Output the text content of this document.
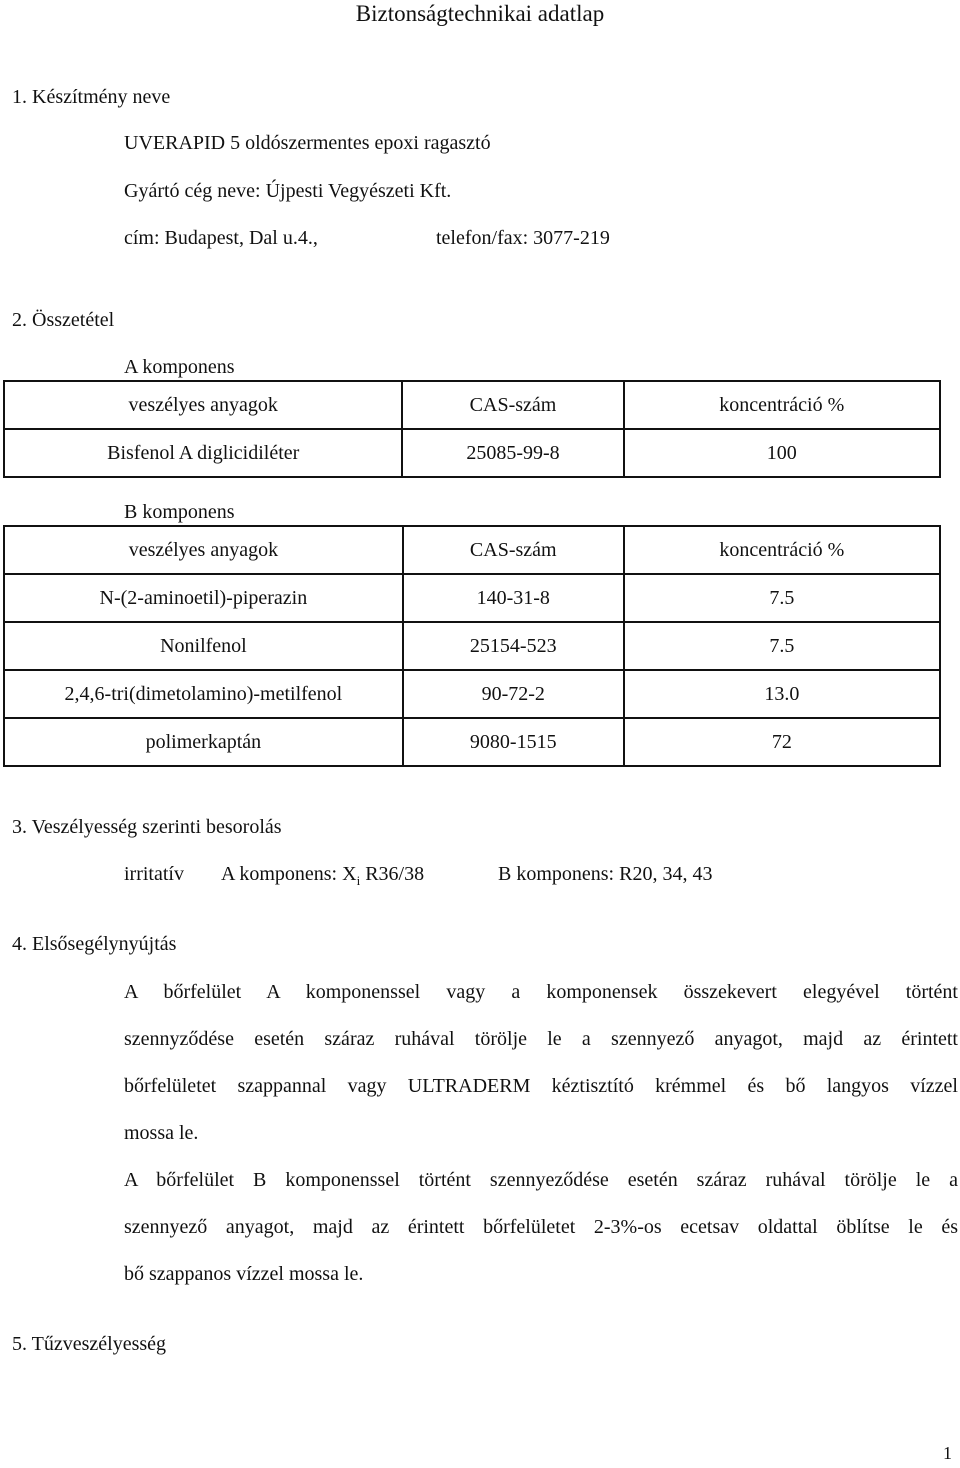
Biztonságtechnikai adatlap
1. Készítmény neve
UVERAPID 5 oldószermentes epoxi ragasztó
Gyártó cég neve: Újpesti Vegyészeti Kft.
cím: Budapest, Dal u.4.,	telefon/fax: 3077-219
2. Összetétel
A komponens
veszélyes anyagok	CAS-szám	koncentráció %
Bisfenol A diglicidiléter	25085-99-8	100
B komponens
veszélyes anyagok	CAS-szám	koncentráció %
N-(2-aminoetil)-piperazin	140-31-8	7.5
Nonilfenol	25154-523	7.5
2,4,6-tri(dimetolamino)-metilfenol	90-72-2	13.0
polimerkaptán	9080-1515	72
3. Veszélyesség szerinti besorolás
irritatív A komponens: $X_i$ R36/38	B komponens: R20, 34, 43
4. Elsősegélynyújtás
A bőrfelület A komponenssel vagy a komponensek összekevert elegyével történt
szennyződése esetén száraz ruhával törölje le a szennyező anyagot, majd az érintett
bőrfelületet szappannal vagy ULTRADERM kéztisztító krémmel és bő langyos vízzel
mossa le.
A bőrfelület B komponenssel történt szennyeződése esetén száraz ruhával törölje le a
szennyező anyagot, majd az érintett bőrfelületet 2-3%-os ecetsav oldattal öblítse le és
bő szappanos vízzel mossa le.
5. Tűzveszélyesség
1
